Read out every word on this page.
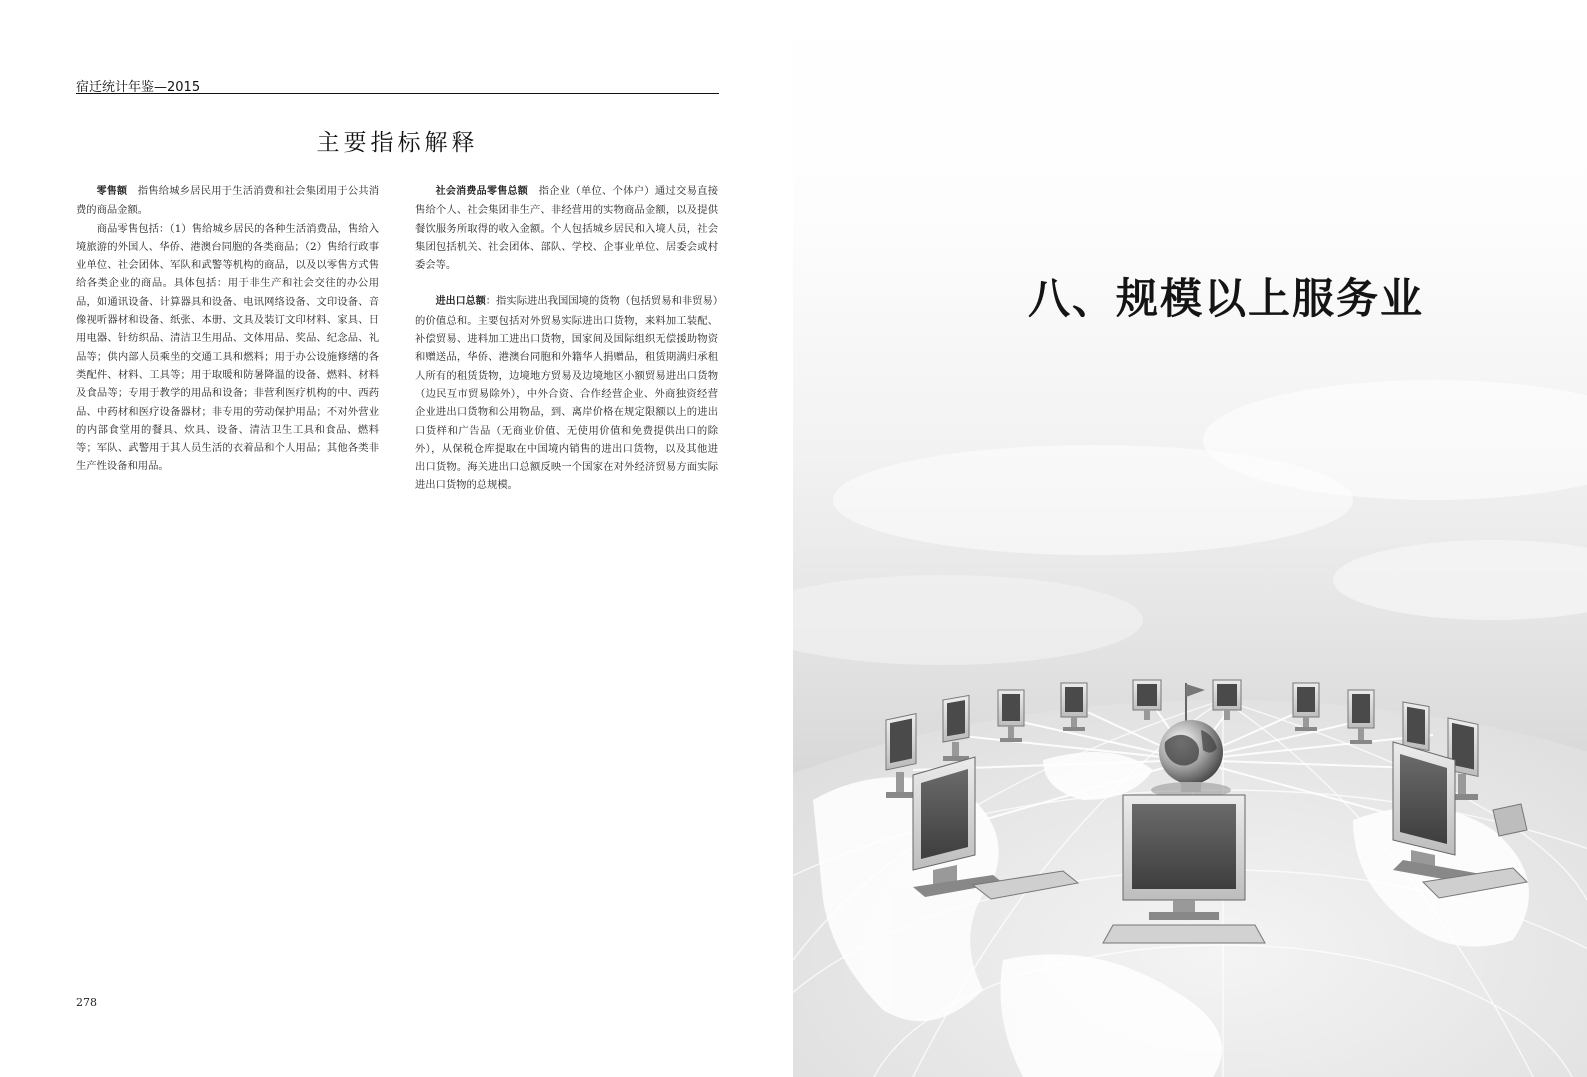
宿迁统计年鉴—2015
主要指标解释

零售额　指售给城乡居民用于生活消费和社会集团用于公共消费的商品金额。

商品零售包括：（1）售给城乡居民的各种生活消费品，售给入境旅游的外国人、华侨、港澳台同胞的各类商品；（2）售给行政事业单位、社会团体、军队和武警等机构的商品，以及以零售方式售给各类企业的商品。具体包括：用于非生产和社会交往的办公用品，如通讯设备、计算器具和设备、电讯网络设备、文印设备、音像视听器材和设备、纸张、本册、文具及装订文印材料、家具、日用电器、针纺织品、清洁卫生用品、文体用品、奖品、纪念品、礼品等；供内部人员乘坐的交通工具和燃料；用于办公设施修缮的各类配件、材料、工具等；用于取暖和防暑降温的设备、燃料、材料及食品等；专用于教学的用品和设备；非营利医疗机构的中、西药品、中药材和医疗设备器材；非专用的劳动保护用品；不对外营业的内部食堂用的餐具、炊具、设备、清洁卫生工具和食品、燃料等；军队、武警用于其人员生活的衣着品和个人用品；其他各类非生产性设备和用品。

社会消费品零售总额　指企业（单位、个体户）通过交易直接售给个人、社会集团非生产、非经营用的实物商品金额，以及提供餐饮服务所取得的收入金额。个人包括城乡居民和入境人员，社会集团包括机关、社会团体、部队、学校、企事业单位、居委会或村委会等。

进出口总额：指实际进出我国国境的货物（包括贸易和非贸易）的价值总和。主要包括对外贸易实际进出口货物，来料加工装配、补偿贸易、进料加工进出口货物，国家间及国际组织无偿援助物资和赠送品，华侨、港澳台同胞和外籍华人捐赠品，租赁期满归承租人所有的租赁货物，边境地方贸易及边境地区小额贸易进出口货物（边民互市贸易除外），中外合资、合作经营企业、外商独资经营企业进出口货物和公用物品，到、离岸价格在规定限额以上的进出口货样和广告品（无商业价值、无使用价值和免费提供出口的除外），从保税仓库提取在中国境内销售的进出口货物，以及其他进出口货物。海关进出口总额反映一个国家在对外经济贸易方面实际进出口货物的总规模。

278
八、规模以上服务业
